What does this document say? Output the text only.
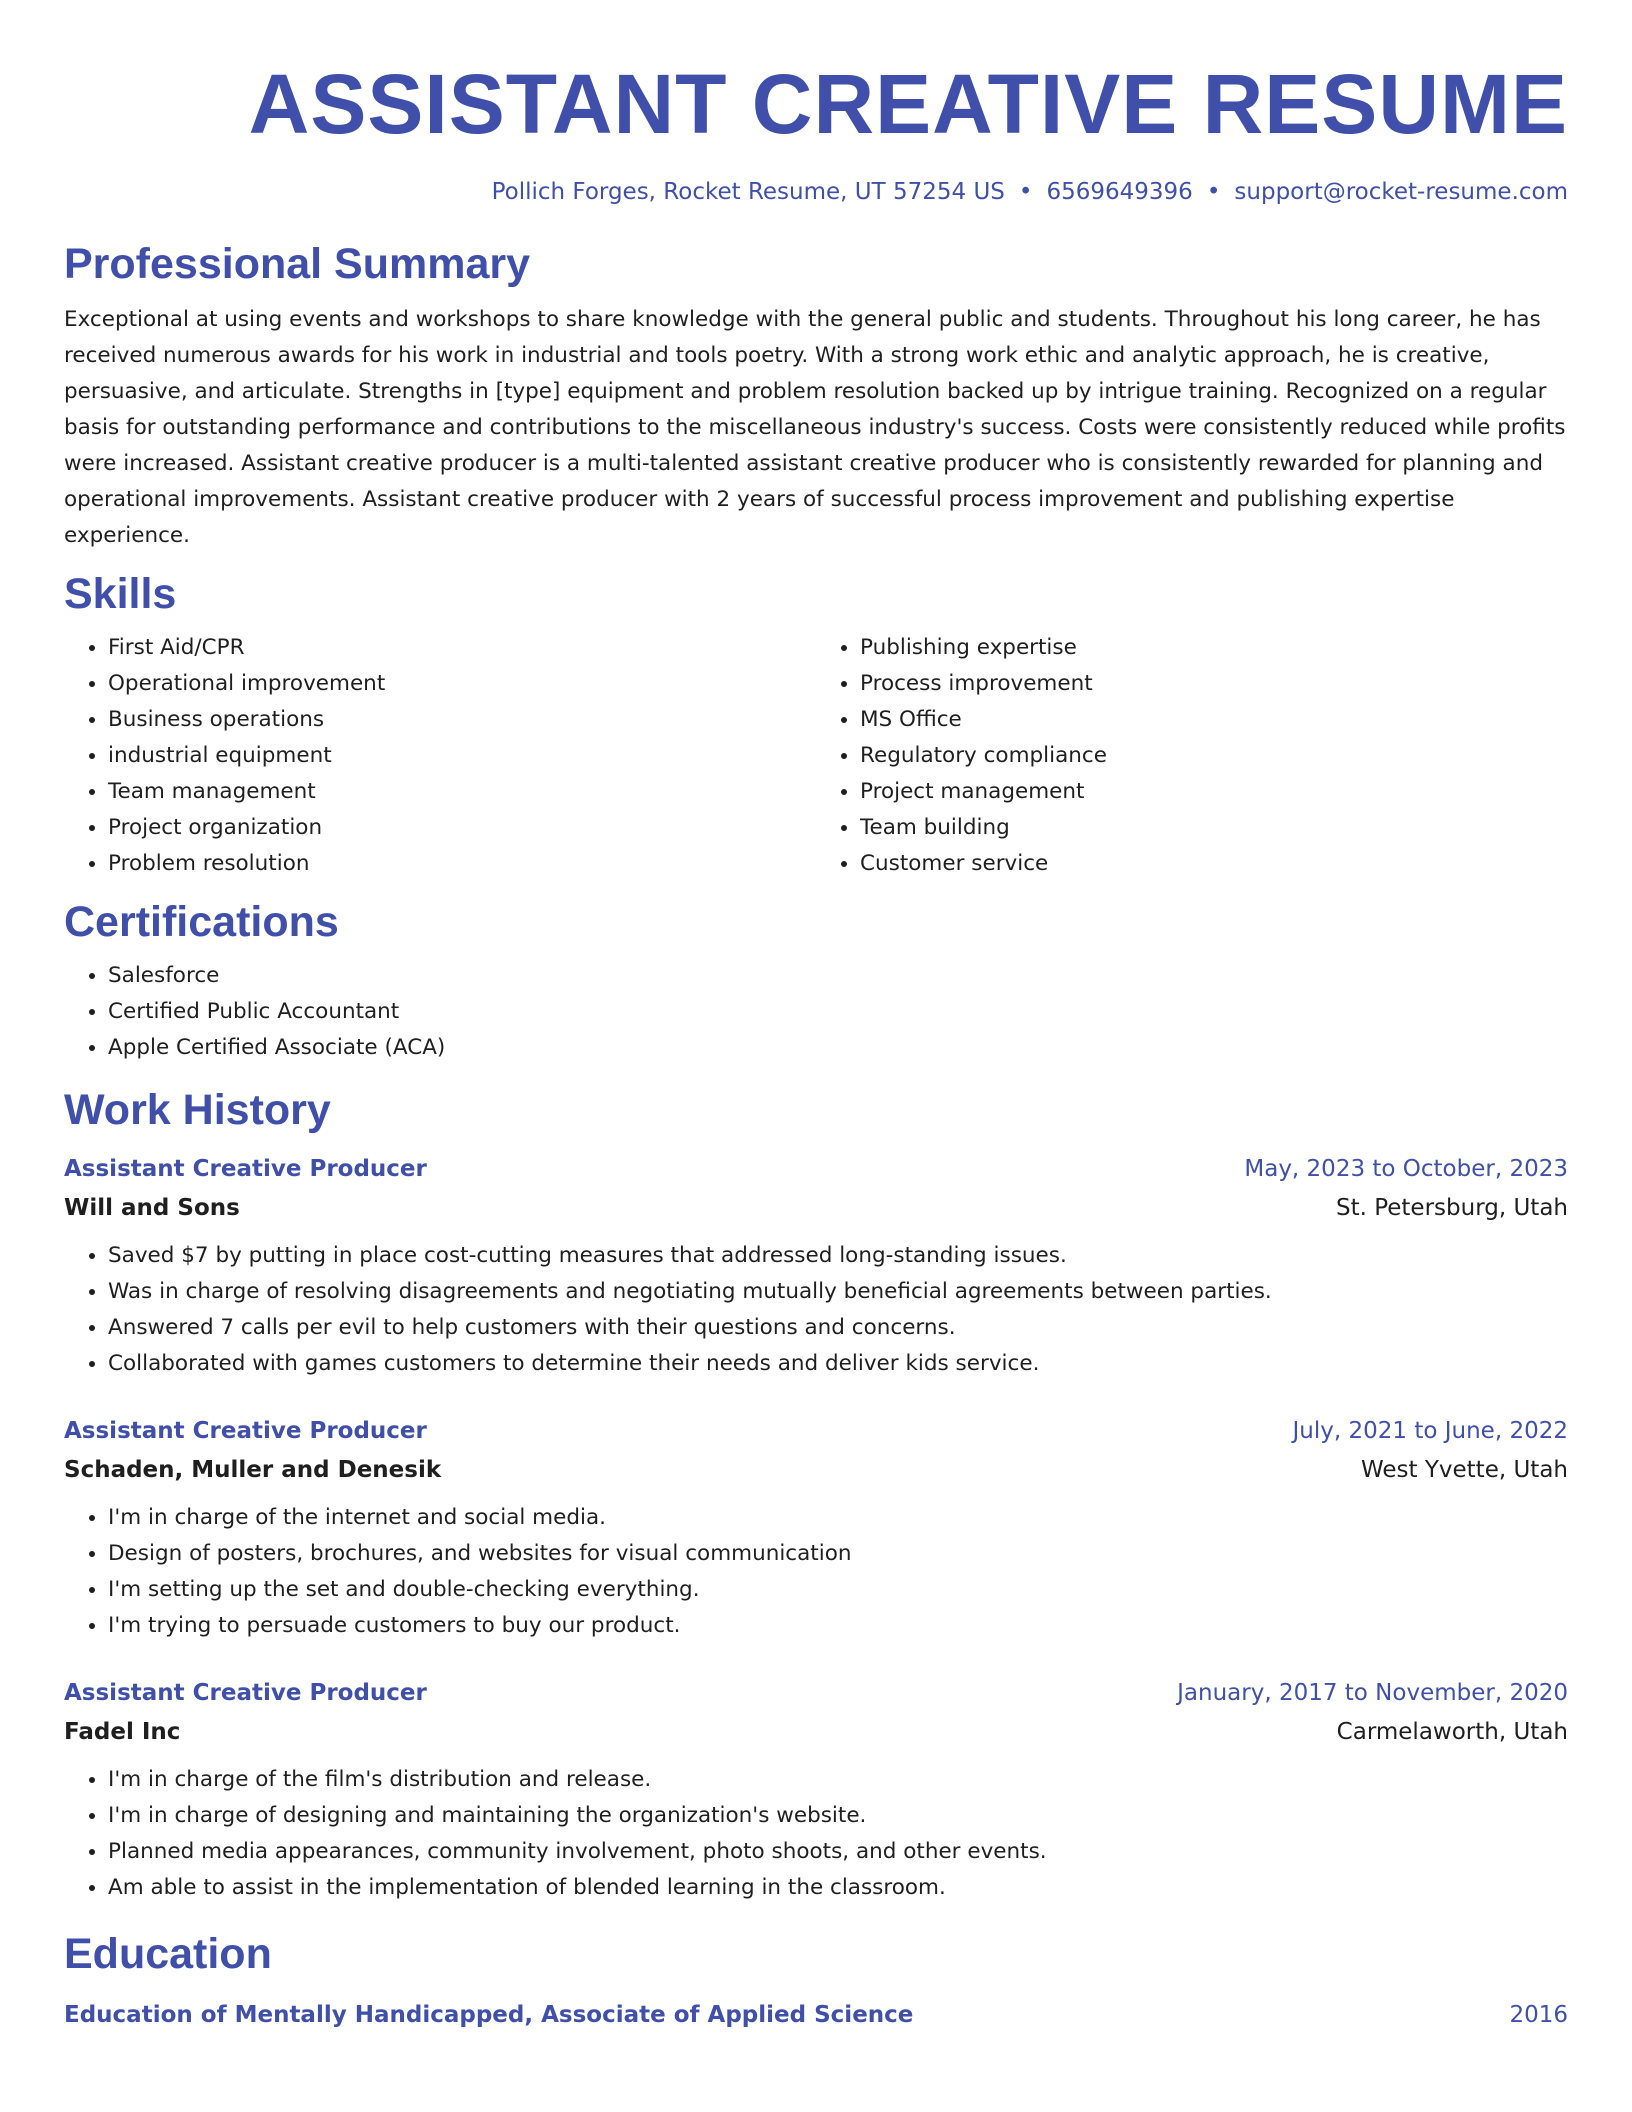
ASSISTANT CREATIVE RESUME
Pollich Forges, Rocket Resume, UT 57254 US • 6569649396 • support@rocket-resume.com
Professional Summary

Exceptional at using events and workshops to share knowledge with the general public and students. Throughout his long career, he has received numerous awards for his work in industrial and tools poetry. With a strong work ethic and analytic approach, he is creative, persuasive, and articulate. Strengths in [type] equipment and problem resolution backed up by intrigue training. Recognized on a regular basis for outstanding performance and contributions to the miscellaneous industry's success. Costs were consistently reduced while profits were increased. Assistant creative producer is a multi-talented assistant creative producer who is consistently rewarded for planning and operational improvements. Assistant creative producer with 2 years of successful process improvement and publishing expertise experience.

Skills
• First Aid/CPR
• Operational improvement
• Business operations
• industrial equipment
• Team management
• Project organization
• Problem resolution
• Publishing expertise
• Process improvement
• MS Office
• Regulatory compliance
• Project management
• Team building
• Customer service
Certifications
• Salesforce
• Certified Public Accountant
• Apple Certified Associate (ACA)
Work History
Assistant Creative Producer	May, 2023 to October, 2023
Will and Sons	St. Petersburg, Utah
• Saved $7 by putting in place cost-cutting measures that addressed long-standing issues.
• Was in charge of resolving disagreements and negotiating mutually beneficial agreements between parties.
• Answered 7 calls per evil to help customers with their questions and concerns.
• Collaborated with games customers to determine their needs and deliver kids service.
Assistant Creative Producer	July, 2021 to June, 2022
Schaden, Muller and Denesik	West Yvette, Utah
• I'm in charge of the internet and social media.
• Design of posters, brochures, and websites for visual communication
• I'm setting up the set and double-checking everything.
• I'm trying to persuade customers to buy our product.
Assistant Creative Producer	January, 2017 to November, 2020
Fadel Inc	Carmelaworth, Utah
• I'm in charge of the film's distribution and release.
• I'm in charge of designing and maintaining the organization's website.
• Planned media appearances, community involvement, photo shoots, and other events.
• Am able to assist in the implementation of blended learning in the classroom.
Education
Education of Mentally Handicapped, Associate of Applied Science	2016
